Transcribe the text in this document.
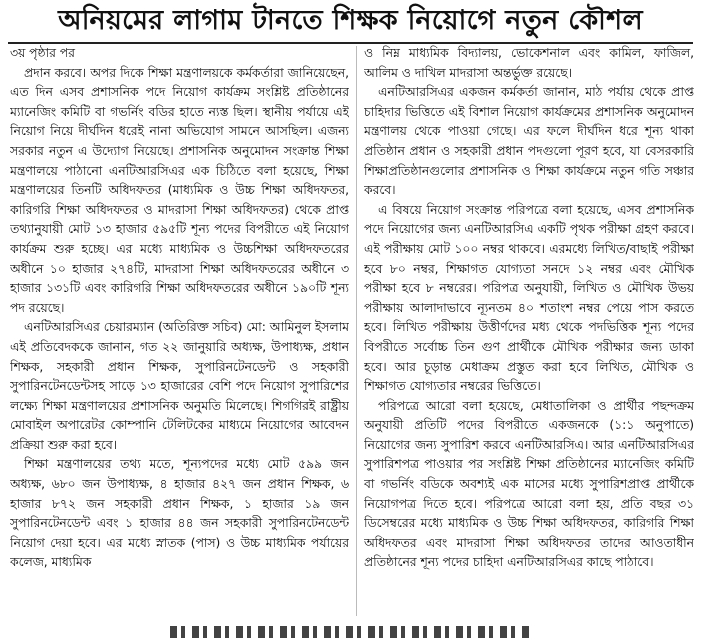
অনিয়মের লাগাম টানতে শিক্ষক নিয়োগে নতুন কৌশল

৩য় পৃষ্ঠার পর

প্রদান করবে। অপর দিকে শিক্ষা মন্ত্রণালয়কে কর্মকর্তারা জানিয়েছেন, এত দিন এসব প্রশাসনিক পদে নিয়োগ কার্যক্রম সংশ্লিষ্ট প্রতিষ্ঠানের ম্যানেজিং কমিটি বা গভর্নিং বডির হাতে ন্যস্ত ছিল। স্থানীয় পর্যায়ে এই নিয়োগ নিয়ে দীর্ঘদিন ধরেই নানা অভিযোগ সামনে আসছিল। এজন্য সরকার নতুন এ উদ্যোগ নিয়েছে। প্রশাসনিক অনুমোদন সংক্রান্ত শিক্ষা মন্ত্রণালয়ে পাঠানো এনটিআরসিএর এক চিঠিতে বলা হয়েছে, শিক্ষা মন্ত্রণালয়ের তিনটি অধিদফতর (মাধ্যমিক ও উচ্চ শিক্ষা অধিদফতর, কারিগরি শিক্ষা অধিদফতর ও মাদরাসা শিক্ষা অধিদফতর) থেকে প্রাপ্ত তথ্যানুযায়ী মোট ১৩ হাজার ৫৯৫টি শূন্য পদের বিপরীতে এই নিয়োগ কার্যক্রম শুরু হচ্ছে। এর মধ্যে মাধ্যমিক ও উচ্চশিক্ষা অধিদফতরের অধীনে ১০ হাজার ২৭৪টি, মাদরাসা শিক্ষা অধিদফতরের অধীনে ৩ হাজার ১৩১টি এবং কারিগরি শিক্ষা অধিদফতরের অধীনে ১৯০টি শূন্য পদ রয়েছে।

এনটিআরসিএর চেয়ারম্যান (অতিরিক্ত সচিব) মো: আমিনুল ইসলাম এই প্রতিবেদককে জানান, গত ২২ জানুয়ারি অধ্যক্ষ, উপাধ্যক্ষ, প্রধান শিক্ষক, সহকারী প্রধান শিক্ষক, সুপারিনটেনডেন্ট ও সহকারী সুপারিনটেনডেন্টসহ সাড়ে ১৩ হাজারের বেশি পদে নিয়োগ সুপারিশের লক্ষ্যে শিক্ষা মন্ত্রণালয়ের প্রশাসনিক অনুমতি মিলেছে। শিগগিরই রাষ্ট্রীয় মোবাইল অপারেটর কোম্পানি টেলিটকের মাধ্যমে নিয়োগের আবেদন প্রক্রিয়া শুরু করা হবে।

শিক্ষা মন্ত্রণালয়ের তথ্য মতে, শূন্যপদের মধ্যে মোট ৫৯৯ জন অধ্যক্ষ, ৬৮০ জন উপাধ্যক্ষ, ৪ হাজার ৪২৭ জন প্রধান শিক্ষক, ৬ হাজার ৮৭২ জন সহকারী প্রধান শিক্ষক, ১ হাজার ১৯ জন সুপারিনটেনডেন্ট এবং ১ হাজার ৪৪ জন সহকারী সুপারিনটেনডেন্ট নিয়োগ দেয়া হবে। এর মধ্যে স্নাতক (পাস) ও উচ্চ মাধ্যমিক পর্যায়ের কলেজ, মাধ্যমিক

ও নিম্ন মাধ্যমিক বিদ্যালয়, ভোকেশনাল এবং কামিল, ফাজিল, আলিম ও দাখিল মাদরাসা অন্তর্ভুক্ত রয়েছে।

এনটিআরসিএর একজন কর্মকর্তা জানান, মাঠ পর্যায় থেকে প্রাপ্ত চাহিদার ভিত্তিতে এই বিশাল নিয়োগ কার্যক্রমের প্রশাসনিক অনুমোদন মন্ত্রণালয় থেকে পাওয়া গেছে। এর ফলে দীর্ঘদিন ধরে শূন্য থাকা প্রতিষ্ঠান প্রধান ও সহকারী প্রধান পদগুলো পূরণ হবে, যা বেসরকারি শিক্ষাপ্রতিষ্ঠানগুলোর প্রশাসনিক ও শিক্ষা কার্যক্রমে নতুন গতি সঞ্চার করবে।

এ বিষয়ে নিয়োগ সংক্রান্ত পরিপত্রে বলা হয়েছে, এসব প্রশাসনিক পদে নিয়োগের জন্য এনটিআরসিএ একটি পৃথক পরীক্ষা গ্রহণ করবে। এই পরীক্ষায় মোট ১০০ নম্বর থাকবে। এরমধ্যে লিখিত/বাছাই পরীক্ষা হবে ৮০ নম্বর, শিক্ষাগত যোগ্যতা সনদে ১২ নম্বর এবং মৌখিক পরীক্ষা হবে ৮ নম্বরের। পরিপত্র অনুযায়ী, লিখিত ও মৌখিক উভয় পরীক্ষায় আলাদাভাবে ন্যূনতম ৪০ শতাংশ নম্বর পেয়ে পাস করতে হবে। লিখিত পরীক্ষায় উত্তীর্ণদের মধ্য থেকে পদভিত্তিক শূন্য পদের বিপরীতে সর্বোচ্চ তিন গুণ প্রার্থীকে মৌখিক পরীক্ষার জন্য ডাকা হবে। আর চূড়ান্ত মেধাক্রম প্রস্তুত করা হবে লিখিত, মৌখিক ও শিক্ষাগত যোগ্যতার নম্বরের ভিত্তিতে।

পরিপত্রে আরো বলা হয়েছে, মেধাতালিকা ও প্রার্থীর পছন্দক্রম অনুযায়ী প্রতিটি পদের বিপরীতে একজনকে (১:১ অনুপাতে) নিয়োগের জন্য সুপারিশ করবে এনটিআরসিএ। আর এনটিআরসিএর সুপারিশপত্র পাওয়ার পর সংশ্লিষ্ট শিক্ষা প্রতিষ্ঠানের ম্যানেজিং কমিটি বা গভর্নিং বডিকে অবশ্যই এক মাসের মধ্যে সুপারিশপ্রাপ্ত প্রার্থীকে নিয়োগপত্র দিতে হবে। পরিপত্রে আরো বলা হয়, প্রতি বছর ৩১ ডিসেম্বরের মধ্যে মাধ্যমিক ও উচ্চ শিক্ষা অধিদফতর, কারিগরি শিক্ষা অধিদফতর এবং মাদরাসা শিক্ষা অধিদফতর তাদের আওতাধীন প্রতিষ্ঠানের শূন্য পদের চাহিদা এনটিআরসিএর কাছে পাঠাবে।
